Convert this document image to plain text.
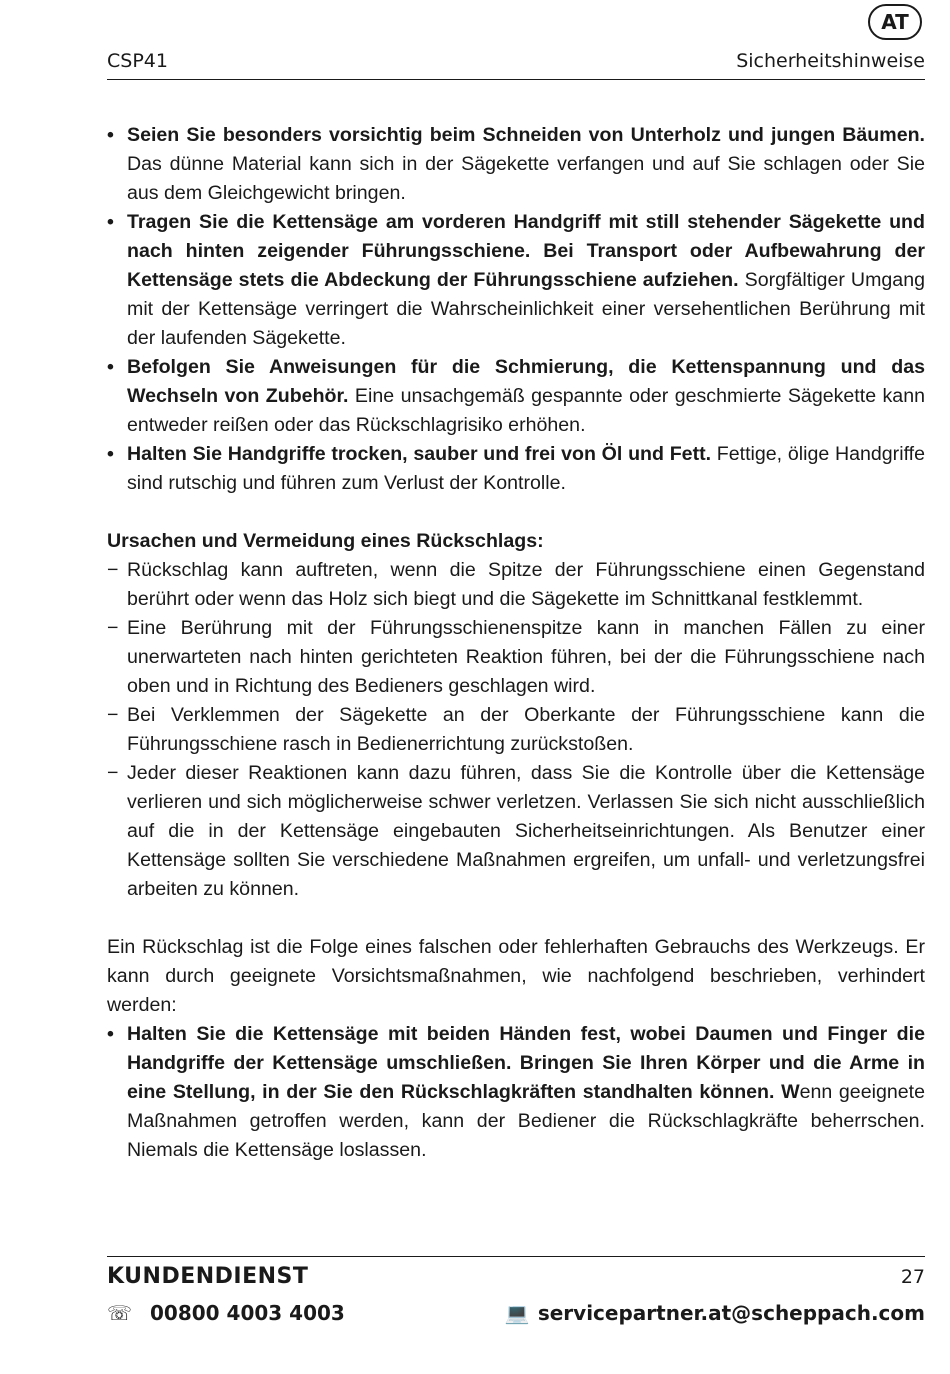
AT
CSP41	Sicherheitshinweise
• Seien Sie besonders vorsichtig beim Schneiden von Unterholz und jungen Bäumen. Das dünne Material kann sich in der Sägekette verfangen und auf Sie schlagen oder Sie aus dem Gleichgewicht bringen.
• Tragen Sie die Kettensäge am vorderen Handgriff mit still stehender Sägekette und nach hinten zeigender Führungsschiene. Bei Transport oder Aufbewahrung der Kettensäge stets die Abdeckung der Führungsschiene aufziehen. Sorgfältiger Umgang mit der Kettensäge verringert die Wahrscheinlichkeit einer versehentlichen Berührung mit der laufenden Sägekette.
• Befolgen Sie Anweisungen für die Schmierung, die Kettenspannung und das Wechseln von Zubehör. Eine unsachgemäß gespannte oder geschmierte Sägekette kann entweder reißen oder das Rückschlagrisiko erhöhen.
• Halten Sie Handgriffe trocken, sauber und frei von Öl und Fett. Fettige, ölige Handgriffe sind rutschig und führen zum Verlust der Kontrolle.

Ursachen und Vermeidung eines Rückschlags:

− Rückschlag kann auftreten, wenn die Spitze der Führungsschiene einen Gegenstand berührt oder wenn das Holz sich biegt und die Sägekette im Schnittkanal festklemmt.
− Eine Berührung mit der Führungsschienenspitze kann in manchen Fällen zu einer unerwarteten nach hinten gerichteten Reaktion führen, bei der die Führungsschiene nach oben und in Richtung des Bedieners geschlagen wird.
− Bei Verklemmen der Sägekette an der Oberkante der Führungsschiene kann die Führungsschiene rasch in Bedienerrichtung zurückstoßen.
− Jeder dieser Reaktionen kann dazu führen, dass Sie die Kontrolle über die Kettensäge verlieren und sich möglicherweise schwer verletzen. Verlassen Sie sich nicht ausschließlich auf die in der Kettensäge eingebauten Sicherheitseinrichtungen. Als Benutzer einer Kettensäge sollten Sie verschiedene Maßnahmen ergreifen, um unfall- und verletzungsfrei arbeiten zu können.

Ein Rückschlag ist die Folge eines falschen oder fehlerhaften Gebrauchs des Werkzeugs. Er kann durch geeignete Vorsichtsmaßnahmen, wie nachfolgend beschrieben, verhindert werden:

• Halten Sie die Kettensäge mit beiden Händen fest, wobei Daumen und Finger die Handgriffe der Kettensäge umschließen. Bringen Sie Ihren Körper und die Arme in eine Stellung, in der Sie den Rückschlagkräften standhalten können. Wenn geeignete Maßnahmen getroffen werden, kann der Bediener die Rückschlagkräfte beherrschen. Niemals die Kettensäge loslassen.
KUNDENDIENST	27
☏ 00800 4003 4003	💻 servicepartner.at@scheppach.com
